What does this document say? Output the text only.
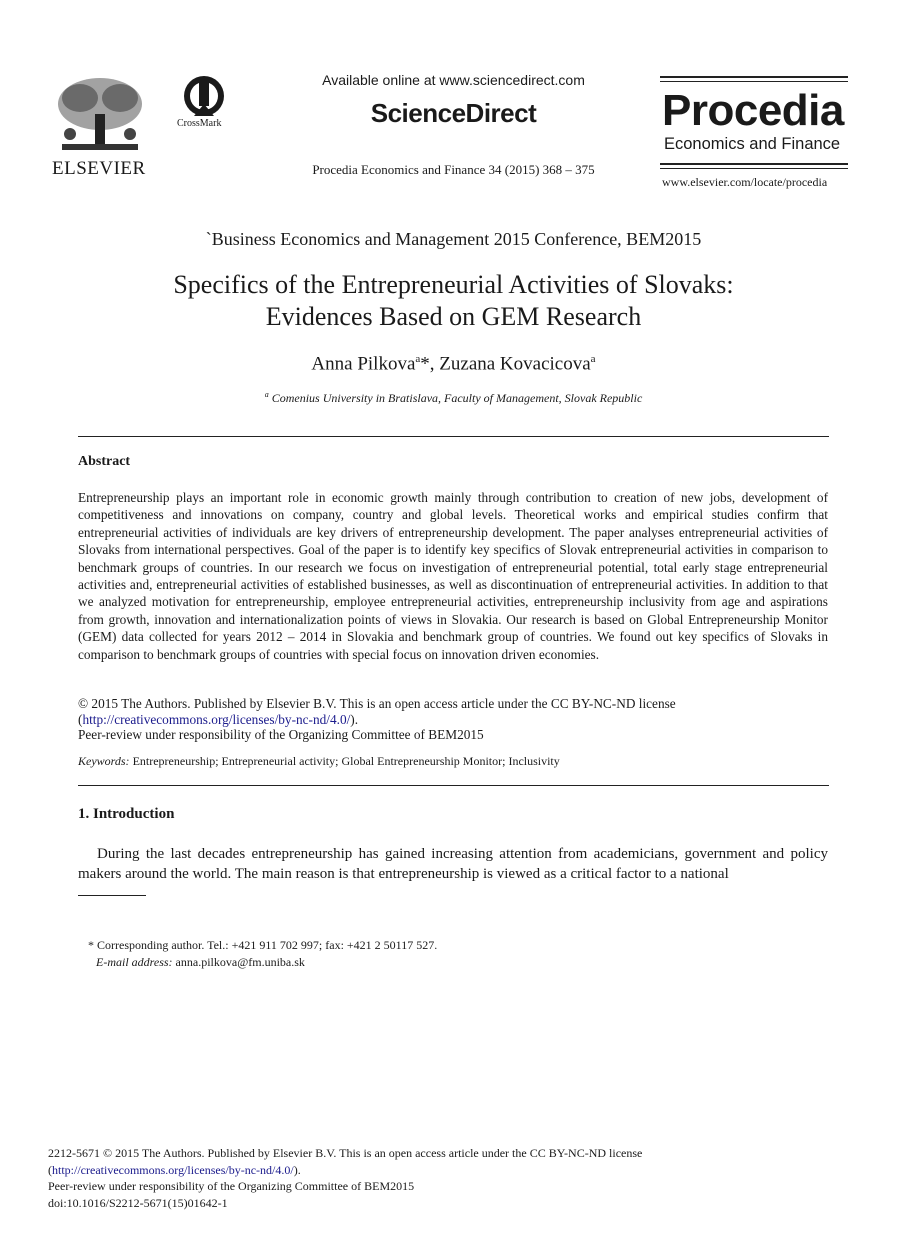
ELSEVIER
CrossMark
Available online at www.sciencedirect.com
ScienceDirect
Procedia Economics and Finance 34 (2015) 368 – 375
Procedia
Economics and Finance
www.elsevier.com/locate/procedia
`Business Economics and Management 2015 Conference, BEM2015
Specifics of the Entrepreneurial Activities of Slovaks:
Evidences Based on GEM Research
Anna Pilkova$^a$*, Zuzana Kovacicova$^a$
$^a$ Comenius University in Bratislava, Faculty of Management, Slovak Republic
Abstract
Entrepreneurship plays an important role in economic growth mainly through contribution to creation of new jobs, development of competitiveness and innovations on company, country and global levels. Theoretical works and empirical studies confirm that entrepreneurial activities of individuals are key drivers of entrepreneurship development. The paper analyses entrepreneurial activities of Slovaks from international perspectives. Goal of the paper is to identify key specifics of Slovak entrepreneurial activities in comparison to benchmark groups of countries. In our research we focus on investigation of entrepreneurial potential, total early stage entrepreneurial activities and, entrepreneurial activities of established businesses, as well as discontinuation of entrepreneurial activities. In addition to that we analyzed motivation for entrepreneurship, employee entrepreneurial activities, entrepreneurship inclusivity from age and aspirations from growth, innovation and internationalization points of views in Slovakia. Our research is based on Global Entrepreneurship Monitor (GEM) data collected for years 2012 – 2014 in Slovakia and benchmark group of countries. We found out key specifics of Slovaks in comparison to benchmark groups of countries with special focus on innovation driven economies.
© 2015 The Authors. Published by Elsevier B.V. This is an open access article under the CC BY-NC-ND license
(http://creativecommons.org/licenses/by-nc-nd/4.0/).
Peer-review under responsibility of the Organizing Committee of BEM2015
Keywords: Entrepreneurship; Entrepreneurial activity; Global Entrepreneurship Monitor; Inclusivity
1. Introduction
During the last decades entrepreneurship has gained increasing attention from academicians, government and policy makers around the world. The main reason is that entrepreneurship is viewed as a critical factor to a national
* Corresponding author. Tel.: +421 911 702 997; fax: +421 2 50117 527.
E-mail address: anna.pilkova@fm.uniba.sk
2212-5671 © 2015 The Authors. Published by Elsevier B.V. This is an open access article under the CC BY-NC-ND license
(http://creativecommons.org/licenses/by-nc-nd/4.0/).
Peer-review under responsibility of the Organizing Committee of BEM2015
doi:10.1016/S2212-5671(15)01642-1
